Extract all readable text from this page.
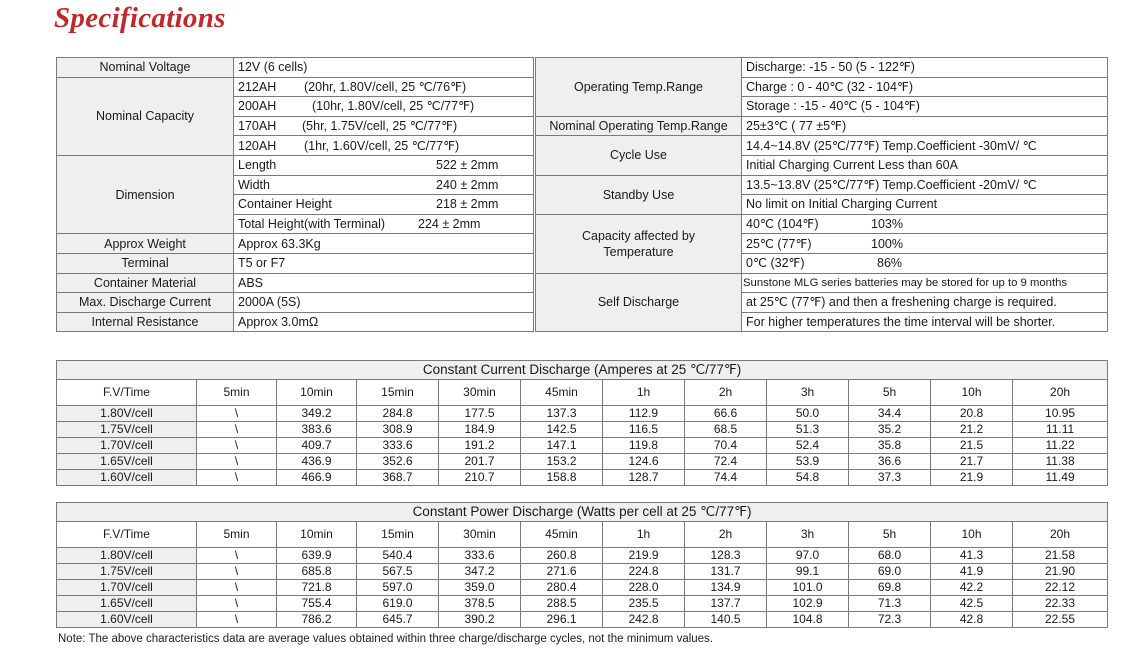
Specifications
Nominal Voltage	12V (6 cells)
Nominal Capacity	212AH (20hr, 1.80V/cell, 25 ℃/76℉)
	200AH (10hr, 1.80V/cell, 25 ℃/77℉)
	170AH (5hr, 1.75V/cell, 25 ℃/77℉)
	120AH (1hr, 1.60V/cell, 25 ℃/77℉)
Dimension	Length 522 ± 2mm
	Width 240 ± 2mm
	Container Height 218 ± 2mm
	Total Height(with Terminal) 224 ± 2mm
Approx Weight	Approx 63.3Kg
Terminal	T5 or F7
Container Material	ABS
Max. Discharge Current	2000A (5S)
Internal Resistance	Approx 3.0mΩ
Operating Temp.Range	Discharge: -15 - 50 (5 - 122℉)
	Charge : 0 - 40℃ (32 - 104℉)
	Storage : -15 - 40℃ (5 - 104℉)
Nominal Operating Temp.Range	25±3℃ ( 77 ±5℉)
Cycle Use	14.4~14.8V (25℃/77℉) Temp.Coefficient -30mV/ ℃
	Initial Charging Current Less than 60A
Standby Use	13.5~13.8V (25℃/77℉) Temp.Coefficient -20mV/ ℃
	No limit on Initial Charging Current
Capacity affected by
Temperature	40℃ (104℉) 103%
	25℃ (77℉) 100%
	0℃ (32℉) 86%
Self Discharge	Sunstone MLG series batteries may be stored for up to 9 months
	at 25℃ (77℉) and then a freshening charge is required.
	For higher temperatures the time interval will be shorter.
Constant Current Discharge (Amperes at 25 ℃/77℉)											
F.V/Time	5min	10min	15min	30min	45min	1h	2h	3h	5h	10h	20h
1.80V/cell	\	349.2	284.8	177.5	137.3	112.9	66.6	50.0	34.4	20.8	10.95
1.75V/cell	\	383.6	308.9	184.9	142.5	116.5	68.5	51.3	35.2	21.2	11.11
1.70V/cell	\	409.7	333.6	191.2	147.1	119.8	70.4	52.4	35.8	21.5	11.22
1.65V/cell	\	436.9	352.6	201.7	153.2	124.6	72.4	53.9	36.6	21.7	11.38
1.60V/cell	\	466.9	368.7	210.7	158.8	128.7	74.4	54.8	37.3	21.9	11.49
Constant Power Discharge (Watts per cell at 25 ℃/77℉)											
F.V/Time	5min	10min	15min	30min	45min	1h	2h	3h	5h	10h	20h
1.80V/cell	\	639.9	540.4	333.6	260.8	219.9	128.3	97.0	68.0	41.3	21.58
1.75V/cell	\	685.8	567.5	347.2	271.6	224.8	131.7	99.1	69.0	41.9	21.90
1.70V/cell	\	721.8	597.0	359.0	280.4	228.0	134.9	101.0	69.8	42.2	22.12
1.65V/cell	\	755.4	619.0	378.5	288.5	235.5	137.7	102.9	71.3	42.5	22.33
1.60V/cell	\	786.2	645.7	390.2	296.1	242.8	140.5	104.8	72.3	42.8	22.55
Note: The above characteristics data are average values obtained within three charge/discharge cycles, not the minimum values.
